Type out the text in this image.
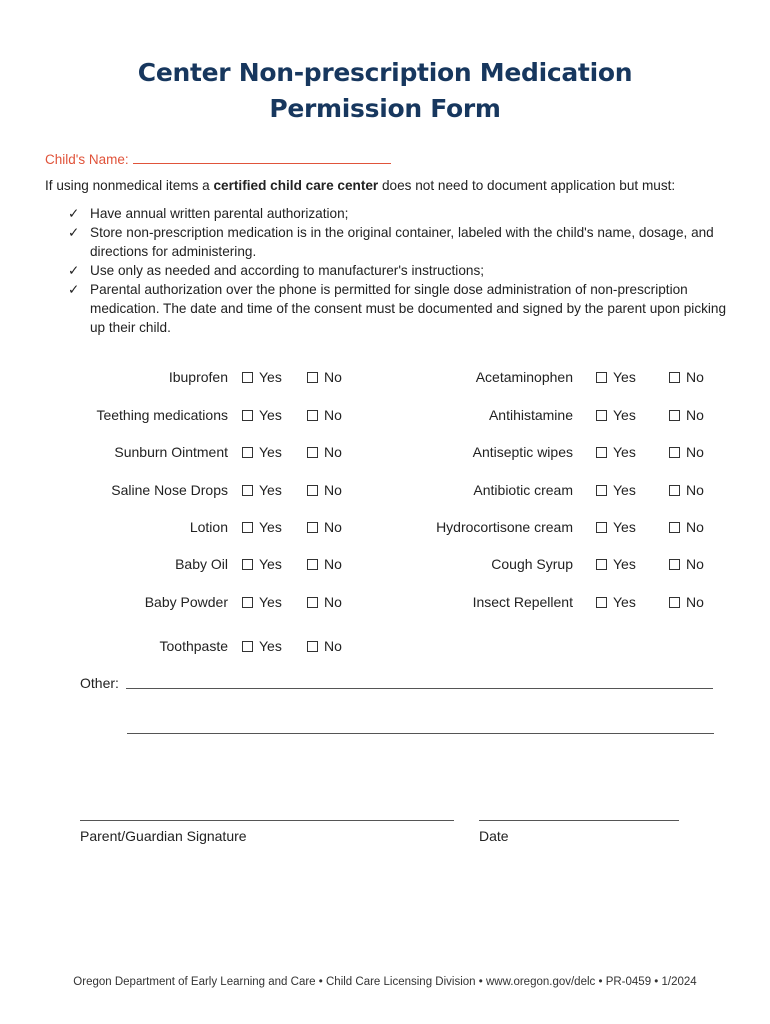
Center Non-prescription Medication
Permission Form
Child's Name:
If using nonmedical items a certified child care center does not need to document application but must:
✓ Have annual written parental authorization;
✓ Store non-prescription medication is in the original container, labeled with the child's name, dosage, and directions for administering.
✓ Use only as needed and according to manufacturer's instructions;
✓ Parental authorization over the phone is permitted for single dose administration of non-prescription medication. The date and time of the consent must be documented and signed by the parent upon picking up their child.
Ibuprofen Yes	No
Teething medications Yes	No
Sunburn Ointment Yes	No
Saline Nose Drops Yes	No
Lotion Yes	No
Baby Oil Yes	No
Baby Powder Yes	No
Toothpaste Yes	No
Acetaminophen	Yes	No
Antihistamine	Yes	No
Antiseptic wipes	Yes	No
Antibiotic cream	Yes	No
Hydrocortisone cream	Yes	No
Cough Syrup	Yes	No
Insect Repellent	Yes	No
Other:
Parent/Guardian Signature	Date
Oregon Department of Early Learning and Care • Child Care Licensing Division • www.oregon.gov/delc • PR-0459 • 1/2024
